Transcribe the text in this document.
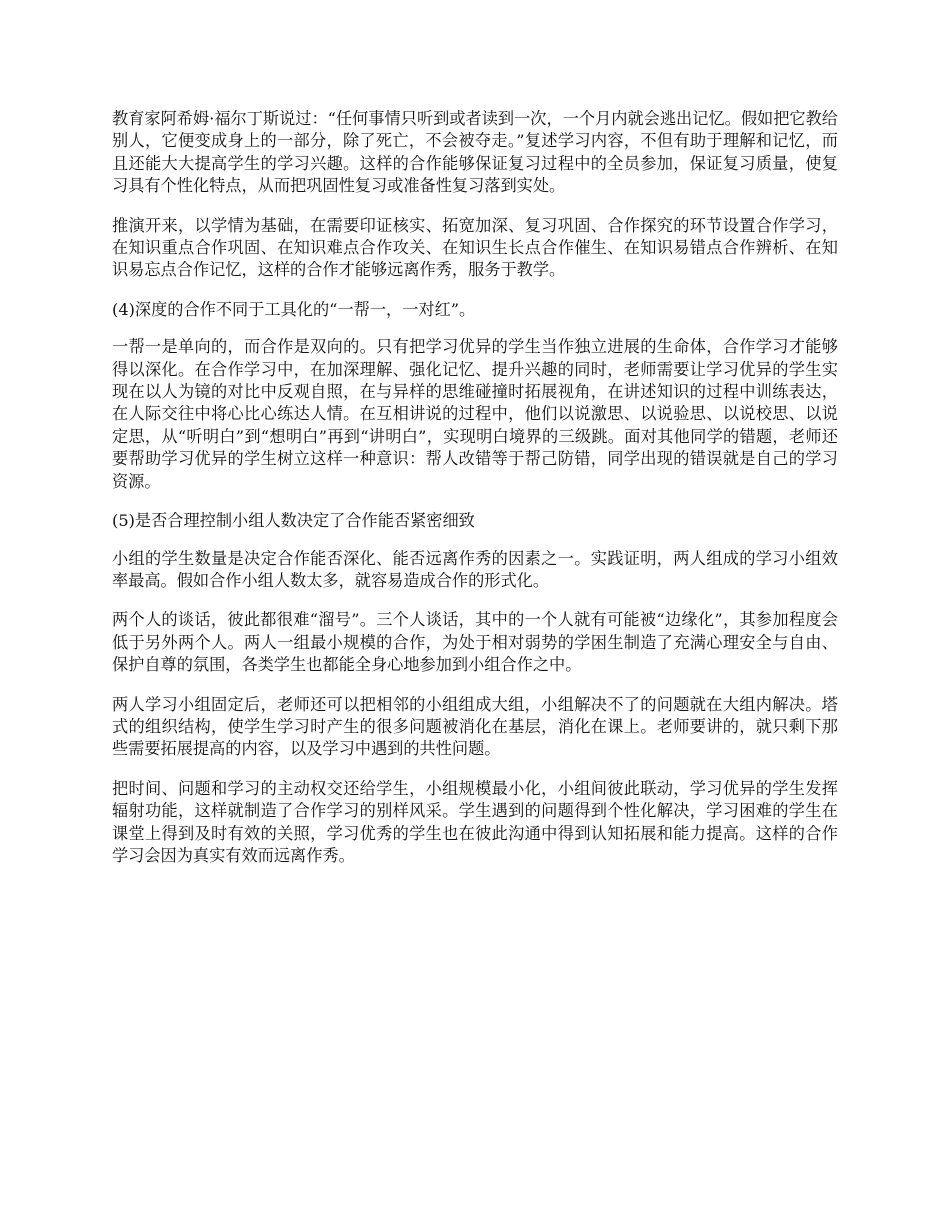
教育家阿希姆·福尔丁斯说过：“任何事情只听到或者读到一次，一个月内就会逃出记忆。假如把它教给别人，它便变成身上的一部分，除了死亡，不会被夺走。”复述学习内容，不但有助于理解和记忆，而且还能大大提高学生的学习兴趣。这样的合作能够保证复习过程中的全员参加，保证复习质量，使复习具有个性化特点，从而把巩固性复习或准备性复习落到实处。

推演开来，以学情为基础，在需要印证核实、拓宽加深、复习巩固、合作探究的环节设置合作学习，在知识重点合作巩固、在知识难点合作攻关、在知识生长点合作催生、在知识易错点合作辨析、在知识易忘点合作记忆，这样的合作才能够远离作秀，服务于教学。

(4)深度的合作不同于工具化的“一帮一，一对红”。

一帮一是单向的，而合作是双向的。只有把学习优异的学生当作独立进展的生命体，合作学习才能够得以深化。在合作学习中，在加深理解、强化记忆、提升兴趣的同时，老师需要让学习优异的学生实现在以人为镜的对比中反观自照，在与异样的思维碰撞时拓展视角，在讲述知识的过程中训练表达，在人际交往中将心比心练达人情。在互相讲说的过程中，他们以说激思、以说验思、以说校思、以说定思，从“听明白”到“想明白”再到“讲明白”，实现明白境界的三级跳。面对其他同学的错题，老师还要帮助学习优异的学生树立这样一种意识：帮人改错等于帮己防错，同学出现的错误就是自己的学习资源。

(5)是否合理控制小组人数决定了合作能否紧密细致

小组的学生数量是决定合作能否深化、能否远离作秀的因素之一。实践证明，两人组成的学习小组效率最高。假如合作小组人数太多，就容易造成合作的形式化。

两个人的谈话，彼此都很难“溜号”。三个人谈话，其中的一个人就有可能被“边缘化”，其参加程度会低于另外两个人。两人一组最小规模的合作，为处于相对弱势的学困生制造了充满心理安全与自由、保护自尊的氛围，各类学生也都能全身心地参加到小组合作之中。

两人学习小组固定后，老师还可以把相邻的小组组成大组，小组解决不了的问题就在大组内解决。塔式的组织结构，使学生学习时产生的很多问题被消化在基层，消化在课上。老师要讲的，就只剩下那些需要拓展提高的内容，以及学习中遇到的共性问题。

把时间、问题和学习的主动权交还给学生，小组规模最小化，小组间彼此联动，学习优异的学生发挥辐射功能，这样就制造了合作学习的别样风采。学生遇到的问题得到个性化解决，学习困难的学生在课堂上得到及时有效的关照，学习优秀的学生也在彼此沟通中得到认知拓展和能力提高。这样的合作学习会因为真实有效而远离作秀。
